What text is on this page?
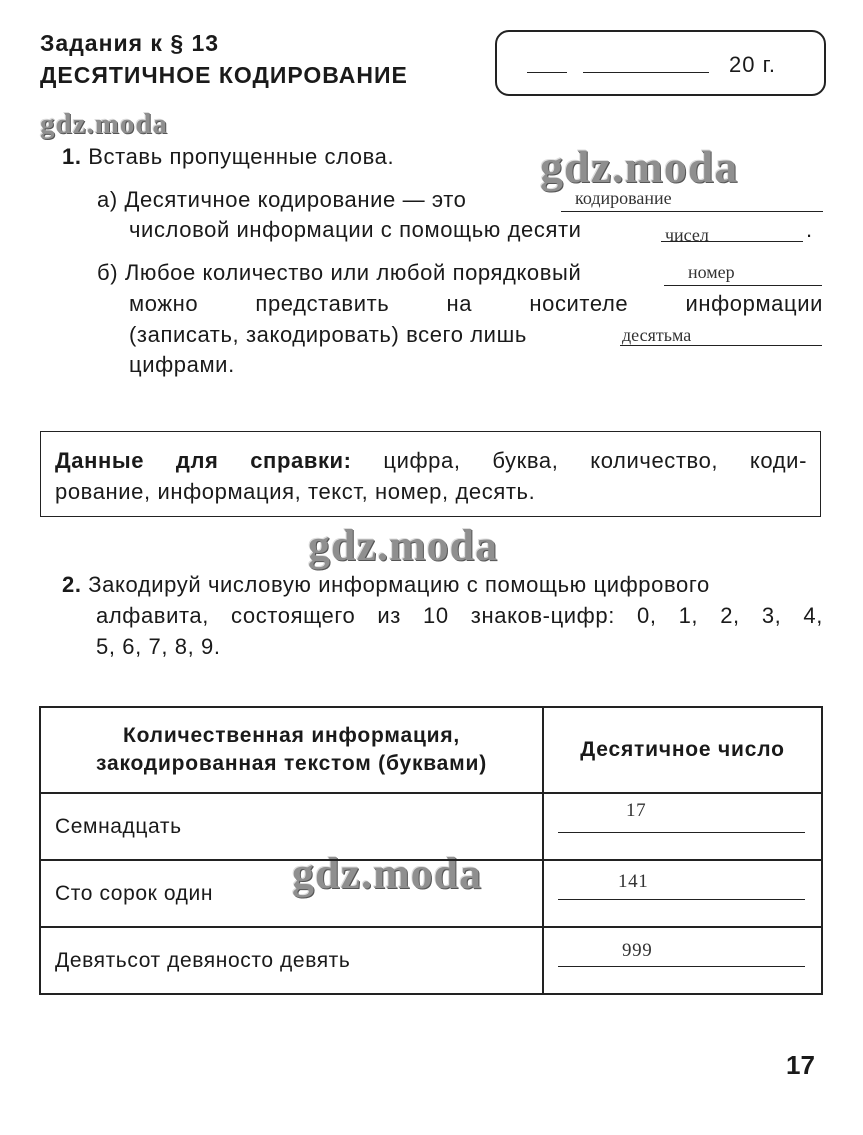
Задания к § 13
ДЕСЯТИЧНОЕ КОДИРОВАНИЕ	—	20 г.
gdz.moda
gdz.moda
gdz.moda
gdz.moda
1. Вставь пропущенные слова.
а) Десятичное кодирование — это	кодирование
числовой информации с помощью десяти	чисел	.
б) Любое количество или любой порядковый	номер
можно представить на носителе информации
(записать, закодировать) всего лишь	десятьма
цифрами.
Данные для справки: цифра, буква, количество, коди-
рование, информация, текст, номер, десять.
2. Закодируй числовую информацию с помощью цифрового
алфавита, состоящего из 10 знаков-цифр: 0, 1, 2, 3, 4,
5, 6, 7, 8, 9.
Количественная информация,
закодированная текстом (буквами)	Десятичное число
Семнадцать	17

Сто сорок один	141

Девятьсот девяносто девять	999
17
